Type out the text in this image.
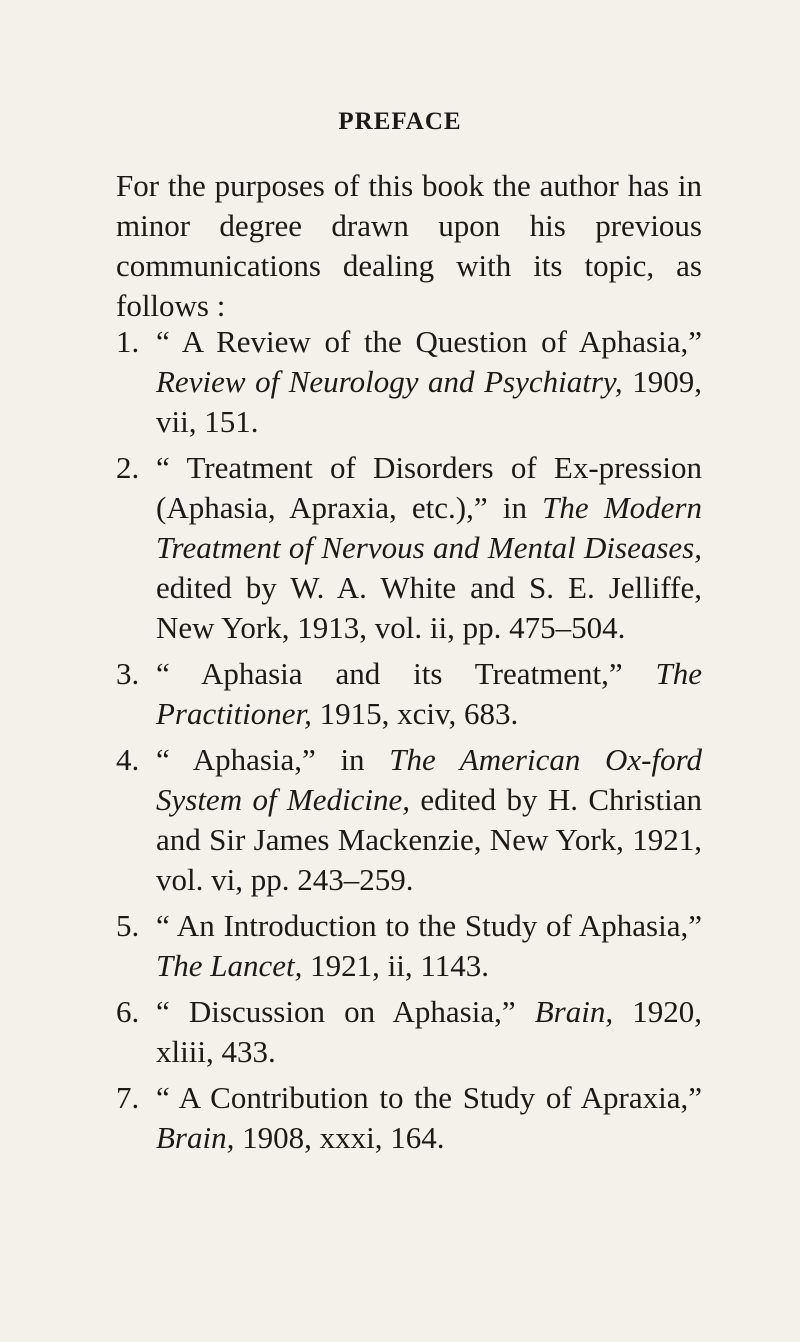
PREFACE
For the purposes of this book the author has in minor degree drawn upon his previous communications dealing with its topic, as follows :
1. “ A Review of the Question of Aphasia,” Review of Neurology and Psychiatry, 1909, vii, 151.
2. “ Treatment of Disorders of Ex-pression (Aphasia, Apraxia, etc.),” in The Modern Treatment of Nervous and Mental Diseases, edited by W. A. White and S. E. Jelliffe, New York, 1913, vol. ii, pp. 475–504.
3. “ Aphasia and its Treatment,” The Practitioner, 1915, xciv, 683.
4. “ Aphasia,” in The American Ox-ford System of Medicine, edited by H. Christian and Sir James Mackenzie, New York, 1921, vol. vi, pp. 243–259.
5. “ An Introduction to the Study of Aphasia,” The Lancet, 1921, ii, 1143.
6. “ Discussion on Aphasia,” Brain, 1920, xliii, 433.
7. “ A Contribution to the Study of Apraxia,” Brain, 1908, xxxi, 164.
